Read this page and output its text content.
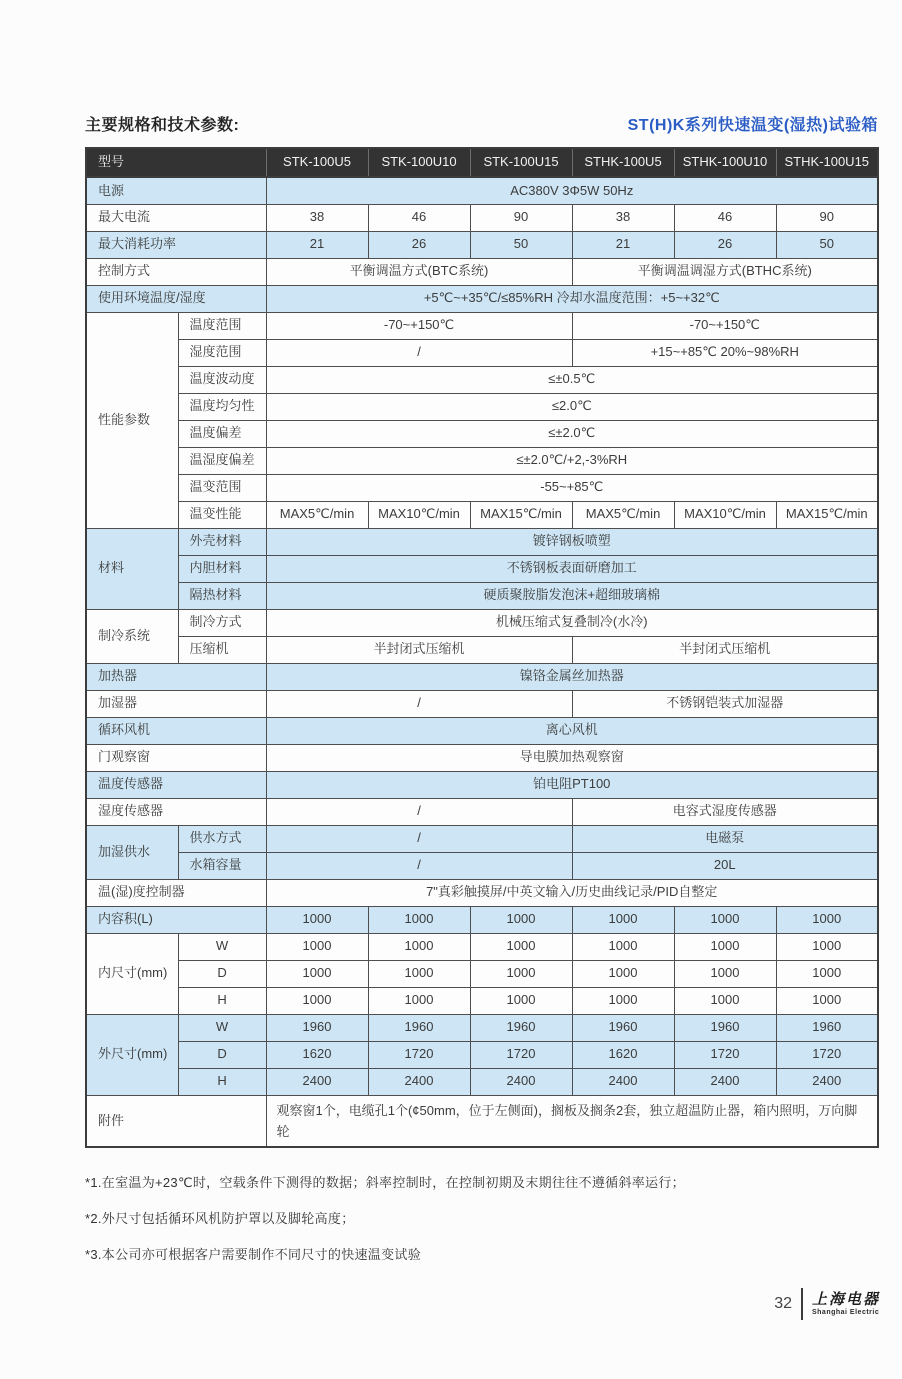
主要规格和技术参数:	ST(H)K系列快速温变(湿热)试验箱
型号		STK-100U5	STK-100U10	STK-100U15	STHK-100U5	STHK-100U10	STHK-100U15
电源		AC380V 3Φ5W 50Hz					
最大电流		38	46	90	38	46	90
最大消耗功率		21	26	50	21	26	50
控制方式		平衡调温方式(BTC系统)			平衡调温调湿方式(BTHC系统)		
使用环境温度/湿度		+5℃~+35℃/≤85%RH 冷却水温度范围：+5~+32℃					
性能参数	温度范围	-70~+150℃			-70~+150℃		
	湿度范围	/			+15~+85℃ 20%~98%RH		
	温度波动度	≤±0.5℃					
	温度均匀性	≤2.0℃					
	温度偏差	≤±2.0℃					
	温湿度偏差	≤±2.0℃/+2,-3%RH					
	温变范围	-55~+85℃					
	温变性能	MAX5℃/min	MAX10℃/min	MAX15℃/min	MAX5℃/min	MAX10℃/min	MAX15℃/min
材料	外壳材料	镀锌钢板喷塑					
	内胆材料	不锈钢板表面研磨加工					
	隔热材料	硬质聚胺脂发泡沫+超细玻璃棉					
制冷系统	制冷方式	机械压缩式复叠制冷(水冷)					
	压缩机	半封闭式压缩机			半封闭式压缩机		
加热器		镍铬金属丝加热器					
加湿器		/			不锈钢铠装式加湿器		
循环风机		离心风机					
门观察窗		导电膜加热观察窗					
温度传感器		铂电阻PT100					
湿度传感器		/			电容式湿度传感器		
加湿供水	供水方式	/			电磁泵		
	水箱容量	/			20L		
温(湿)度控制器		7"真彩触摸屏/中英文输入/历史曲线记录/PID自整定					
内容积(L)		1000	1000	1000	1000	1000	1000
内尺寸(mm)	W	1000	1000	1000	1000	1000	1000
	D	1000	1000	1000	1000	1000	1000
	H	1000	1000	1000	1000	1000	1000
外尺寸(mm)	W	1960	1960	1960	1960	1960	1960
	D	1620	1720	1720	1620	1720	1720
	H	2400	2400	2400	2400	2400	2400
附件		观察窗1个，电缆孔1个(¢50mm，位于左侧面)，搁板及搁条2套，独立超温防止器，箱内照明，万向脚轮					

*1.在室温为+23℃时，空载条件下测得的数据；斜率控制时，在控制初期及末期往往不遵循斜率运行；

*2.外尺寸包括循环风机防护罩以及脚轮高度；

*3.本公司亦可根据客户需要制作不同尺寸的快速温变试验

32 上海电器
Shanghai Electric
